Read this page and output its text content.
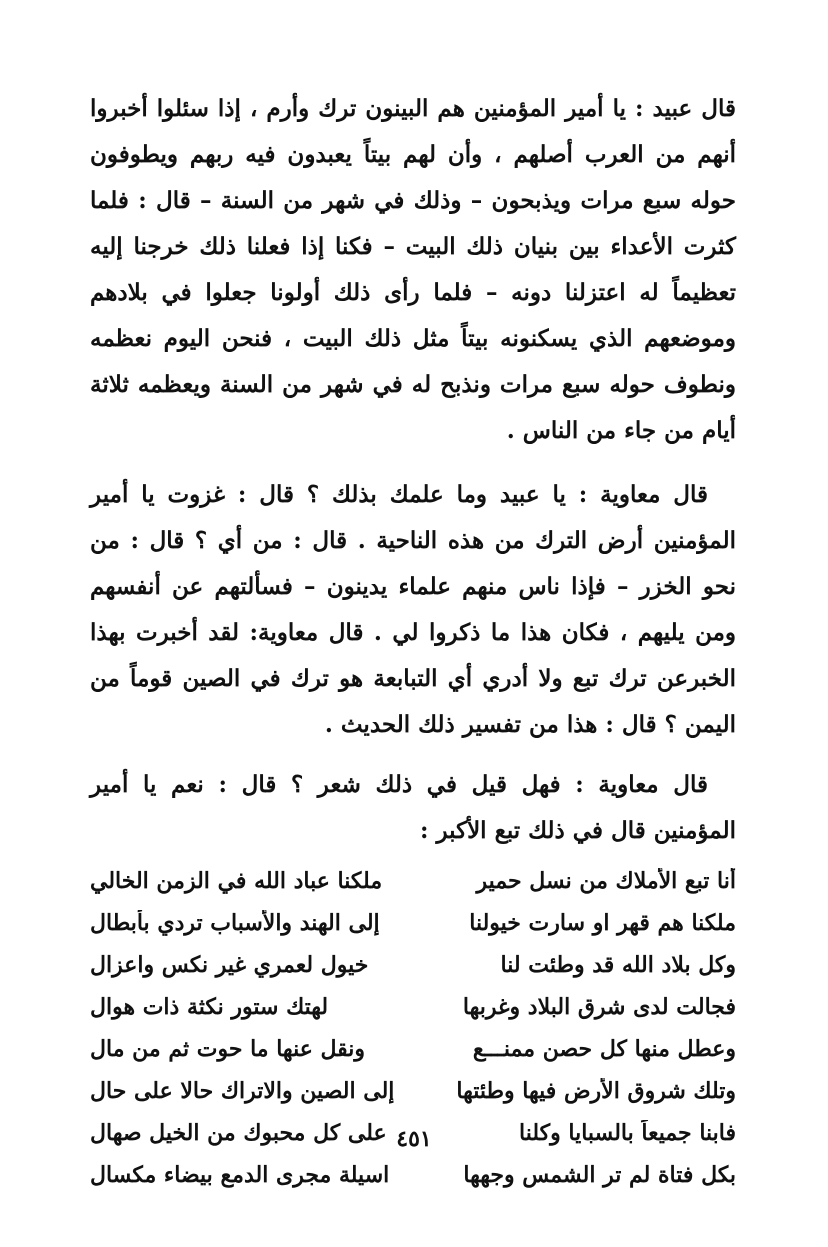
قال عبيد : يا أمير المؤمنين هم البينون ترك وأرم ، إذا سئلوا أخبروا أنهم من العرب أصلهم ، وأن لهم بيتاً يعبدون فيه ربهم ويطوفون حوله سبع مرات ويذبحون – وذلك في شهر من السنة – قال : فلما كثرت الأعداء بين بنيان ذلك البيت – فكنا إذا فعلنا ذلك خرجنا إليه تعظيماً له اعتزلنا دونه – فلما رأى ذلك أولونا جعلوا في بلادهم وموضعهم الذي يسكنونه بيتاً مثل ذلك البيت ، فنحن اليوم نعظمه ونطوف حوله سبع مرات ونذبح له في شهر من السنة ويعظمه ثلاثة أيام من جاء من الناس .

قال معاوية : يا عبيد وما علمك بذلك ؟ قال : غزوت يا أمير المؤمنين أرض الترك من هذه الناحية . قال : من أي ؟ قال : من نحو الخزر – فإذا ناس منهم علماء يدينون – فسألتهم عن أنفسهم ومن يليهم ، فكان هذا ما ذكروا لي . قال معاوية: لقد أخبرت بهذا الخبرعن ترك تبع ولا أدري أي التبابعة هو ترك في الصين قوماً من اليمن ؟ قال : هذا من تفسير ذلك الحديث .

قال معاوية : فهل قيل في ذلك شعر ؟ قال : نعم يا أمير المؤمنين قال في ذلك تبع الأكبر :

أنا تبع الأملاك من نسل حمير
ملكنا عباد الله في الزمن الخالي
ملكنا هم قهر او سارت خيولنا
إلى الهند والأسباب تردي بأبطال
وكل بلاد الله قد وطئت لنا
خيول لعمري غير نكس واعزال
فجالت لدى شرق البلاد وغربها
لهتك ستور نكثة ذات هوال
وعطل منها كل حصن ممنـــع
ونقل عنها ما حوت ثم من مال
وتلك شروق الأرض فيها وطئتها
إلى الصين والاتراك حالا على حال
فابنا جميعاً بالسبايا وكلنا
على كل محبوك من الخيل صهال
بكل فتاة لم تر الشمس وجهها
اسيلة مجرى الدمع بيضاء مكسال
٤٥١
